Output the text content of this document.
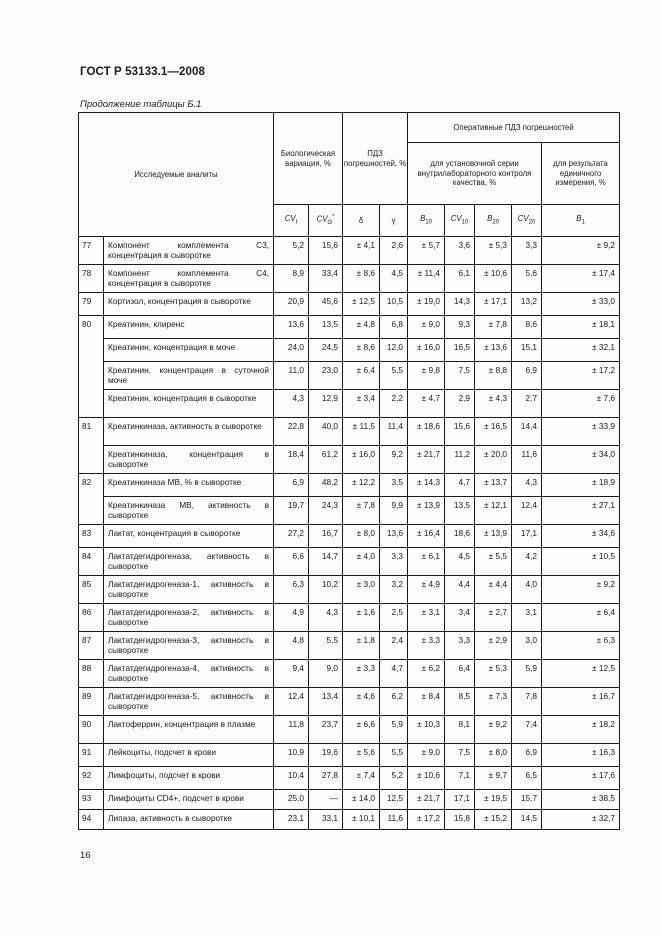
ГОСТ Р 53133.1—2008
Продолжение таблицы Б.1
Исследуемые аналиты		Биологическая вариация, %		ПДЗ погрешностей, %		Оперативные ПДЗ погрешностей				
						для установочной серии внутрилабораторного контроля качества, %				для результата единичного измерения, %
		$CV_I$	$CV_G^*$	δ	γ	$B_{10}$	$CV_{10}$	$B_{20}$	$CV_{20}$	$B_1$
77	Компонент комплемента С3, концентрация в сыворотке	5,2	15,6	± 4,1	2,6	± 5,7	3,6	± 5,3	3,3	± 9,2
78	Компонент комплемента С4, концентрация в сыворотке	8,9	33,4	± 8,6	4,5	± 11,4	6,1	± 10,6	5,6	± 17,4
79	Кортизол, концентрация в сыворотке	20,9	45,6	± 12,5	10,5	± 19,0	14,3	± 17,1	13,2	± 33,0
80	Креатинин, клиренс	13,6	13,5	± 4,8	6,8	± 9,0	9,3	± 7,8	8,6	± 18,1
	Креатинин, концентрация в моче	24,0	24,5	± 8,6	12,0	± 16,0	16,5	± 13,6	15,1	± 32,1
	Креатинин, концентрация в суточной моче	11,0	23,0	± 6,4	5,5	± 9,8	7,5	± 8,8	6,9	± 17,2
	Креатинин, концентрация в сыворотке	4,3	12,9	± 3,4	2,2	± 4,7	2,9	± 4,3	2,7	± 7,6
81	Креатинкиназа, активность в сыворотке	22,8	40,0	± 11,5	11,4	± 18,6	15,6	± 16,5	14,4	± 33,9
	Креатинкиназа, концентрация в сыворотке	18,4	61,2	± 16,0	9,2	± 21,7	11,2	± 20,0	11,6	± 34,0
82	Креатинкиназа МВ, % в сыворотке	6,9	48,2	± 12,2	3,5	± 14,3	4,7	± 13,7	4,3	± 18,9
	Креатинкиназа МВ, активность в сыворотке	19,7	24,3	± 7,8	9,9	± 13,9	13,5	± 12,1	12,4	± 27,1
83	Лактат, концентрация в сыворотке	27,2	16,7	± 8,0	13,6	± 16,4	18,6	± 13,9	17,1	± 34,6
84	Лактатдегидрогеназа, активность в сыворотке	6,6	14,7	± 4,0	3,3	± 6,1	4,5	± 5,5	4,2	± 10,5
85	Лактатдегидрогеназа-1, активность в сыворотке	6,3	10,2	± 3,0	3,2	± 4,9	4,4	± 4,4	4,0	± 9,2
86	Лактатдегидрогеназа-2, активность в сыворотке	4,9	4,3	± 1,6	2,5	± 3,1	3,4	± 2,7	3,1	± 6,4
87	Лактатдегидрогеназа-3, активность в сыворотке	4,8	5,5	± 1,8	2,4	± 3,3	3,3	± 2,9	3,0	± 6,3
88	Лактатдегидрогеназа-4, активность в сыворотке	9,4	9,0	± 3,3	4,7	± 6,2	6,4	± 5,3	5,9	± 12,5
89	Лактатдегидрогеназа-5, активность в сыворотке	12,4	13,4	± 4,6	6,2	± 8,4	8,5	± 7,3	7,8	± 16,7
90	Лактоферрин, концентрация в плазме	11,8	23,7	± 6,6	5,9	± 10,3	8,1	± 9,2	7,4	± 18,2
91	Лейкоциты, подсчет в крови	10,9	19,6	± 5,6	5,5	± 9,0	7,5	± 8,0	6,9	± 16,3
92	Лимфоциты, подсчет в крови	10,4	27,8	± 7,4	5,2	± 10,6	7,1	± 9,7	6,5	± 17,6
93	Лимфоциты CD4+, подсчет в крови	25,0	—	± 14,0	12,5	± 21,7	17,1	± 19,5	15,7	± 38,5
94	Липаза, активность в сыворотке	23,1	33,1	± 10,1	11,6	± 17,2	15,8	± 15,2	14,5	± 32,7
16
